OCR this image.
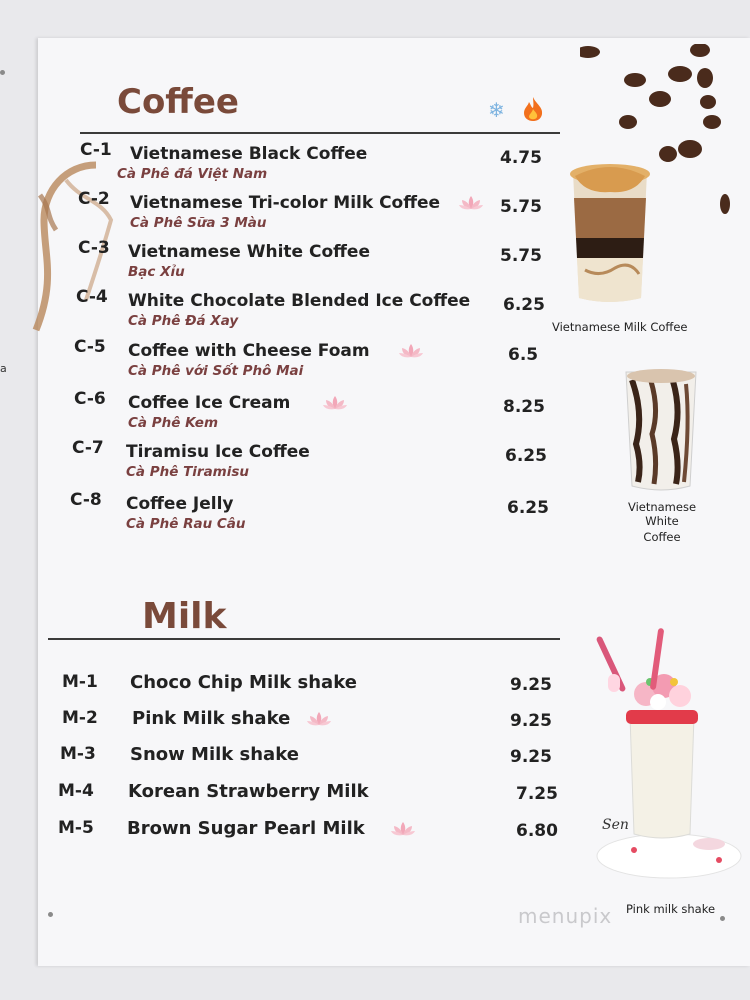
a
Coffee	❄
C-1 Vietnamese Black Coffee
Cà Phê đá Việt Nam
4.75
C-2 Vietnamese Tri-color Milk Coffee
Cà Phê Sữa 3 Màu
5.75
C-3 Vietnamese White Coffee
Bạc Xỉu
5.75
C-4 White Chocolate Blended Ice Coffee
Cà Phê Đá Xay
6.25
C-5 Coffee with Cheese Foam
Cà Phê với Sốt Phô Mai
6.5
C-6 Coffee Ice Cream
Cà Phê Kem
8.25
C-7 Tiramisu Ice Coffee
Cà Phê Tiramisu
6.25
C-8 Coffee Jelly
Cà Phê Rau Câu
6.25
Milk
M-1 Choco Chip Milk shake	9.25
M-2 Pink Milk shake	9.25
M-3 Snow Milk shake	9.25
M-4 Korean Strawberry Milk	7.25
M-5 Brown Sugar Pearl Milk	6.80
Vietnamese Milk Coffee
Vietnamese White
Coffee
Sen
Pink milk shake
menupix
